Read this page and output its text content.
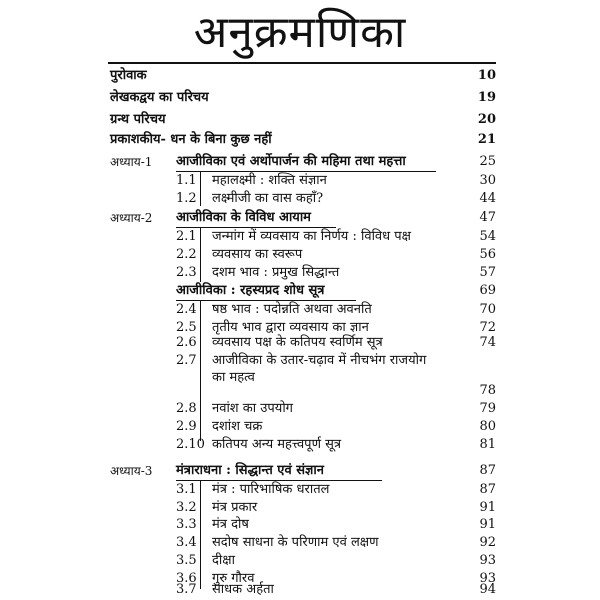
अनुक्रमणिका
पुरोवाक	10
लेखकद्वय का परिचय	19
ग्रन्थ परिचय	20
प्रकाशकीय- धन के बिना कुछ नहीं	21
अध्याय-1 आजीविका एवं अर्थोपार्जन की महिमा तथा महत्ता	25
1.1 महालक्ष्मी : शक्ति संज्ञान	30
1.2 लक्ष्मीजी का वास कहाँ?	44
अध्याय-2 आजीविका के विविध आयाम	47
2.1 जन्मांग में व्यवसाय का निर्णय : विविध पक्ष	54
2.2 व्यवसाय का स्वरूप	56
2.3 दशम भाव : प्रमुख सिद्धान्त	57
आजीविका : रहस्यप्रद शोध सूत्र	69
2.4 षष्ठ भाव : पदोन्नति अथवा अवनति	70
2.5 तृतीय भाव द्वारा व्यवसाय का ज्ञान	72
2.6 व्यवसाय पक्ष के कतिपय स्वर्णिम सूत्र	74
2.7 आजीविका के उतार-चढ़ाव में नीचभंग राजयोग
का महत्व
78
2.8 नवांश का उपयोग	79
2.9 दशांश चक्र	80
2.10 कतिपय अन्य महत्त्वपूर्ण सूत्र	81
अध्याय-3 मंत्राराधना : सिद्धान्त एवं संज्ञान	87
3.1 मंत्र : पारिभाषिक धरातल	87
3.2 मंत्र प्रकार	91
3.3 मंत्र दोष	91
3.4 सदोष साधना के परिणाम एवं लक्षण	92
3.5 दीक्षा	93
3.6 गुरु गौरव	93
3.7 साधक अर्हता	94
